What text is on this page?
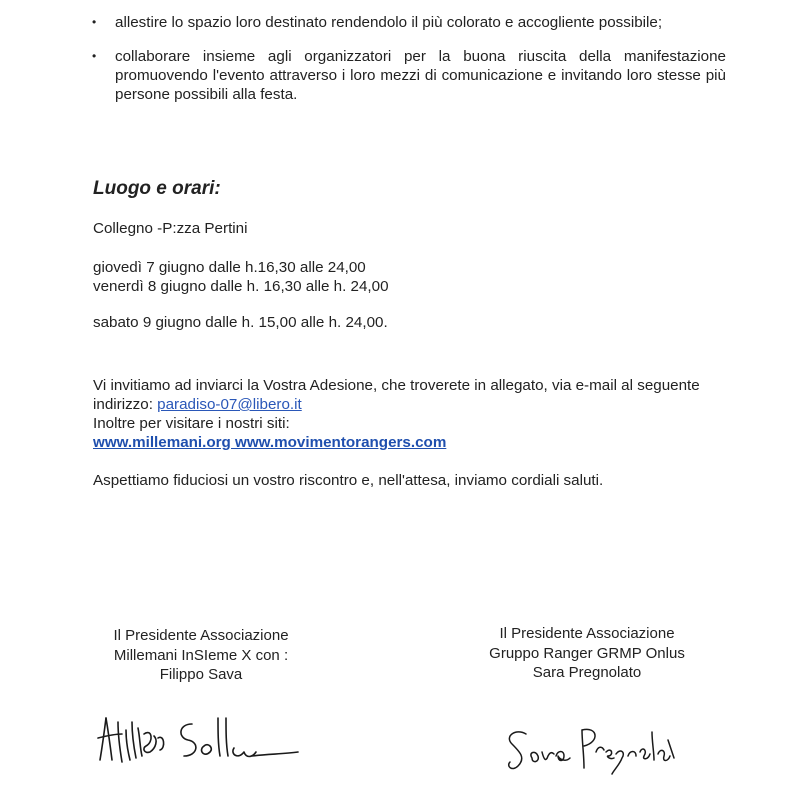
• allestire lo spazio loro destinato rendendolo il più colorato e accogliente possibile;
• collaborare insieme agli organizzatori per la buona riuscita della manifestazione promuovendo l'evento attraverso i loro mezzi di comunicazione e invitando loro stesse più persone possibili alla festa.
Luogo e orari:
Collegno -P:zza Pertini
giovedì 7 giugno dalle h.16,30 alle 24,00
venerdì 8 giugno dalle h. 16,30 alle h. 24,00
sabato 9 giugno dalle h. 15,00 alle h. 24,00.
Vi invitiamo ad inviarci la Vostra Adesione, che troverete in allegato, via e-mail al seguente indirizzo: paradiso-07@libero.it
Inoltre per visitare i nostri siti:
www.millemani.org www.movimentorangers.com
Aspettiamo fiduciosi un vostro riscontro e, nell'attesa, inviamo cordiali saluti.
Il Presidente Associazione
Millemani InSIeme X con :
Filippo Sava
Il Presidente Associazione
Gruppo Ranger GRMP Onlus
Sara Pregnolato
